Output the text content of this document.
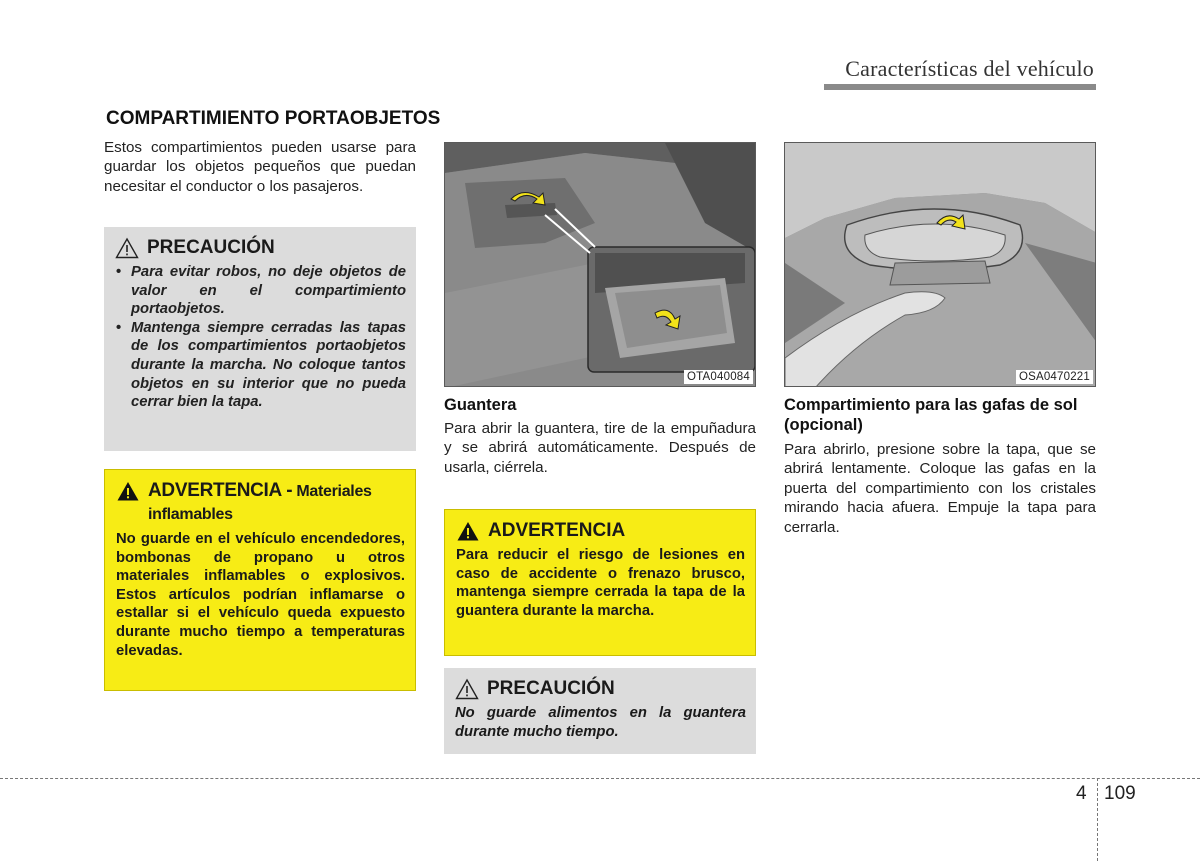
Características del vehículo
COMPARTIMIENTO PORTAOBJETOS
Estos compartimientos pueden usarse para guardar los objetos pequeños que puedan necesitar el conductor o los pasajeros.
PRECAUCIÓN
• Para evitar robos, no deje objetos de valor en el compartimiento portaobjetos.
• Mantenga siempre cerradas las tapas de los compartimientos portaobjetos durante la marcha. No coloque tantos objetos en su interior que no pueda cerrar bien la tapa.
ADVERTENCIA - Materiales inflamables
No guarde en el vehículo encendedores, bombonas de propano u otros materiales inflamables o explosivos. Estos artículos podrían inflamarse o estallar si el vehículo queda expuesto durante mucho tiempo a temperaturas elevadas.
OTA040084
Guantera
Para abrir la guantera, tire de la empuñadura y se abrirá automáticamente. Después de usarla, ciérrela.
ADVERTENCIA
Para reducir el riesgo de lesiones en caso de accidente o frenazo brusco, mantenga siempre cerrada la tapa de la guantera durante la marcha.
PRECAUCIÓN
No guarde alimentos en la guantera durante mucho tiempo.
OSA0470221
Compartimiento para las gafas de sol (opcional)
Para abrirlo, presione sobre la tapa, que se abrirá lentamente. Coloque las gafas en la puerta del compartimiento con los cristales mirando hacia afuera. Empuje la tapa para cerrarla.
4 109
